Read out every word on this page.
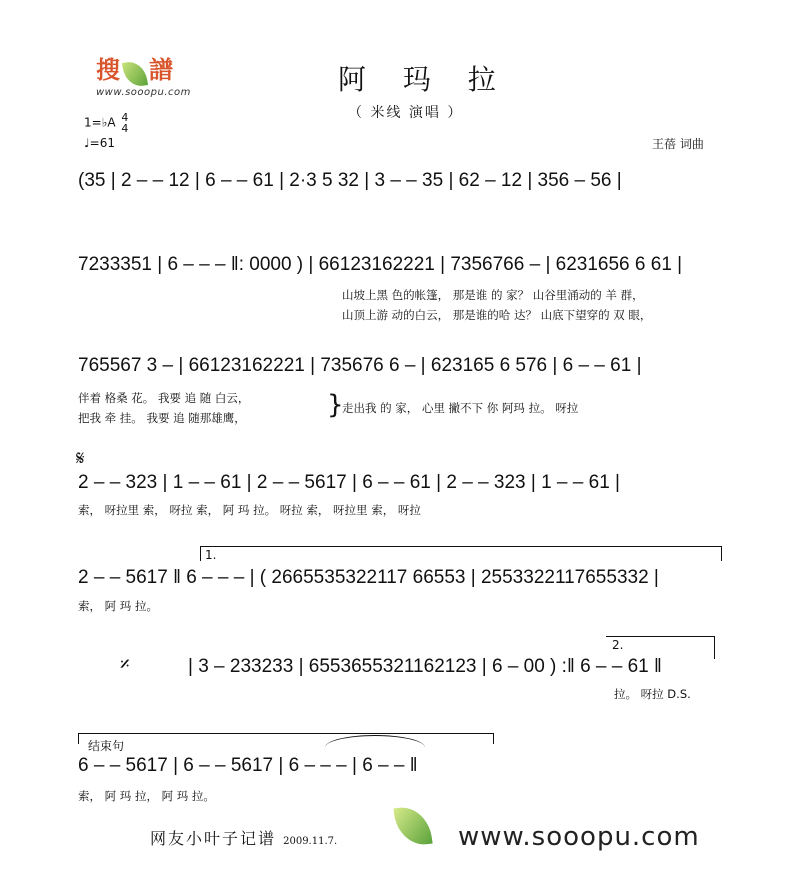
搜 譜
www.sooopu.com	阿 玛 拉
（ 米线 演唱 ）
1=♭A 4
4
♩=61	王蓓 词曲
(35 | 2 – – 12 | 6 – – 61 | 2·3 5 32 | 3 – – 35 | 62 – 12 | 356 – 56 |
7233351 | 6 – – – ‖: 0000 ) | 66123162221 | 7356766 – | 6231656 6 61 |
山坡上黑 色的帐篷， 那是谁 的 家？ 山谷里涌动的 羊 群，
山顶上游 动的白云， 那是谁的哈 达？ 山底下望穿的 双 眼，
765567 3 – | 66123162221 | 735676 6 – | 623165 6 576 | 6 – – 61 |
伴着 格桑 花。 我要 追 随 白云，
把我 牵 挂。 我要 追 随那雄鹰，	}
走出我 的 家， 心里 撇不下 你 阿玛 拉。 呀拉
𝄋
2 – – 323 | 1 – – 61 | 2 – – 5617 | 6 – – 61 | 2 – – 323 | 1 – – 61 |
索， 呀拉里 索， 呀拉 索， 阿 玛 拉。 呀拉 索， 呀拉里 索， 呀拉
1.
2 – – 5617 ‖ 6 – – – | ( 2665535322117 66553 | 2553322117655332 |
索， 阿 玛 拉。
𝄎
2.
| 3 – 233233 | 6553655321162123 | 6 – 00 ) :‖ 6 – – 61 ‖
拉。 呀拉 D.S.
结束句
6 – – 5617 | 6 – – 5617 | 6 – – – | 6 – – ‖
索， 阿 玛 拉， 阿 玛 拉。
网友小叶子记谱 2009.11.7.	www.sooopu.com
